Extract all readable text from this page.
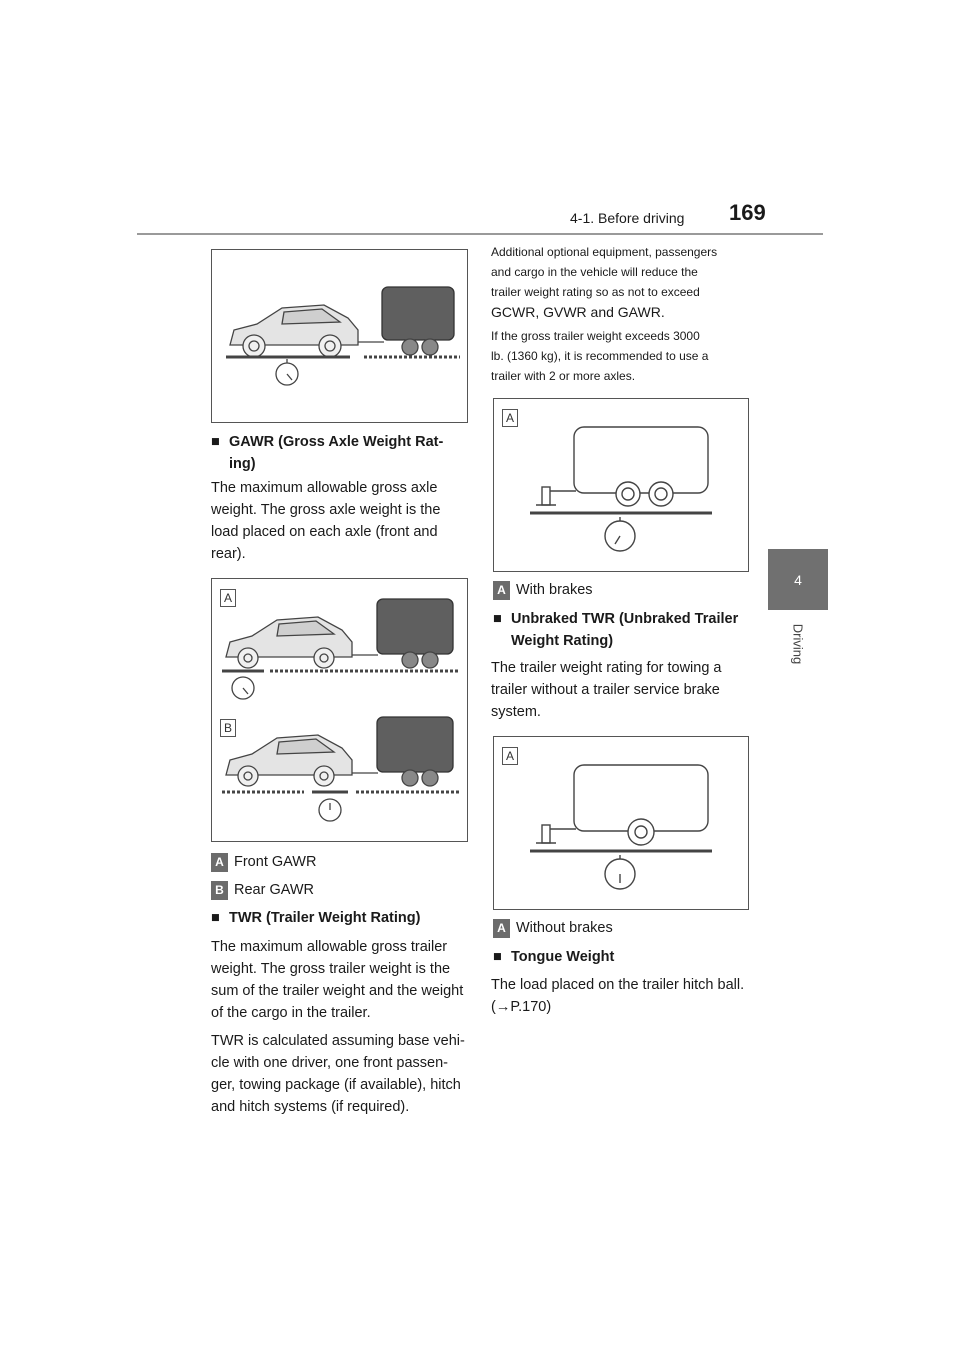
4-1. Before driving 169
4
Driving
■ GAWR (Gross Axle Weight Rat-
ing)
The maximum allowable gross axle
weight. The gross axle weight is the
load placed on each axle (front and
rear).
A
B
A Front GAWR
B Rear GAWR
■ TWR (Trailer Weight Rating)
The maximum allowable gross trailer
weight. The gross trailer weight is the
sum of the trailer weight and the weight
of the cargo in the trailer.
TWR is calculated assuming base vehi-
cle with one driver, one front passen-
ger, towing package (if available), hitch
and hitch systems (if required).
Additional optional equipment, passengers
and cargo in the vehicle will reduce the
trailer weight rating so as not to exceed
GCWR, GVWR and GAWR.
If the gross trailer weight exceeds 3000
lb. (1360 kg), it is recommended to use a
trailer with 2 or more axles.
A
A With brakes
■ Unbraked TWR (Unbraked Trailer
Weight Rating)
The trailer weight rating for towing a
trailer without a trailer service brake
system.
A
A Without brakes
■ Tongue Weight
The load placed on the trailer hitch ball.
(→P.170)
